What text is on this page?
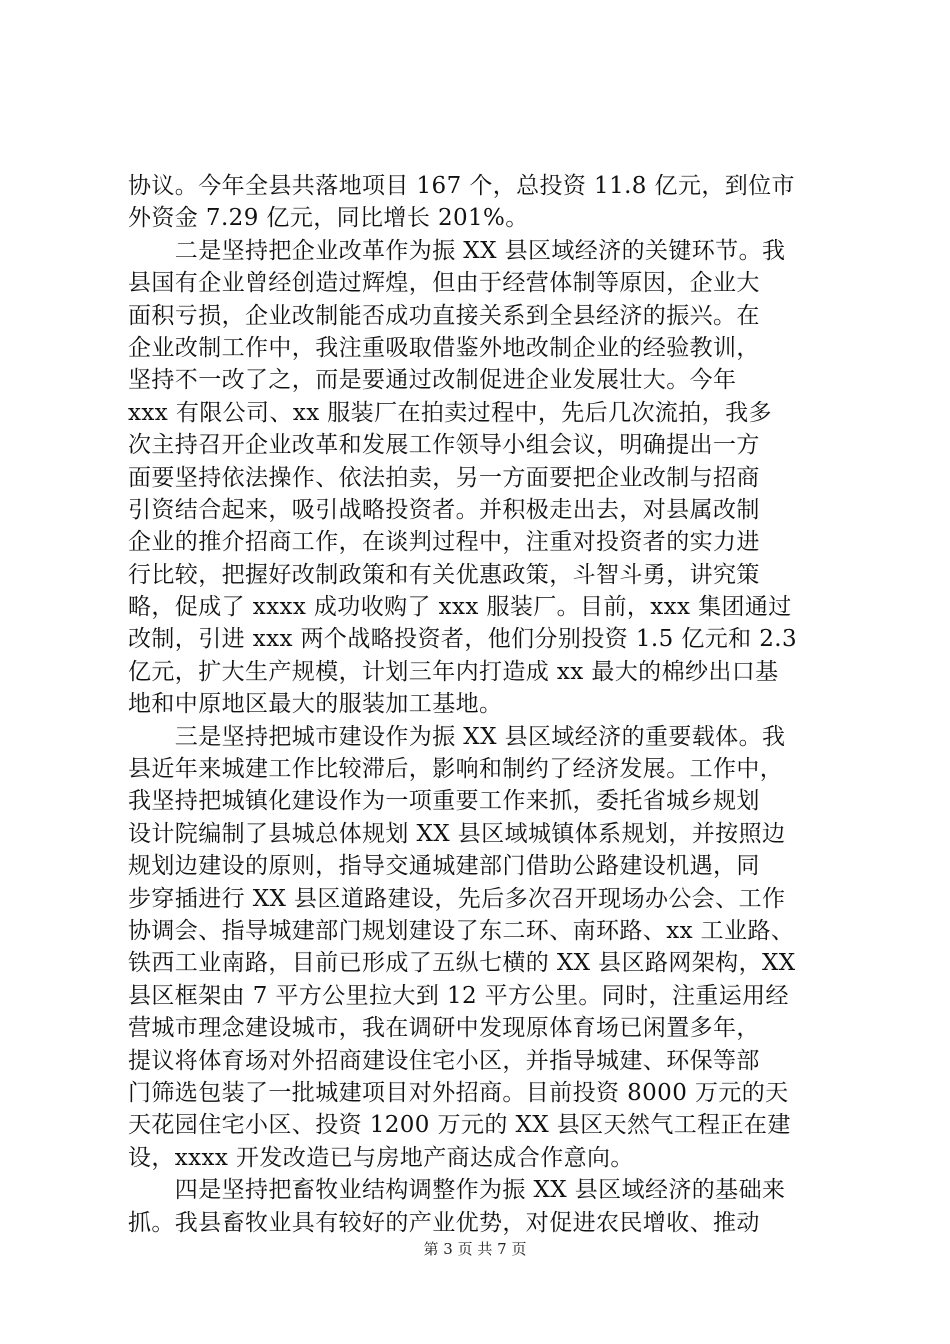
协议。今年全县共落地项目 167 个，总投资 11.8 亿元，到位市
外资金 7.29 亿元，同比增长 201%。
　　二是坚持把企业改革作为振 XX 县区域经济的关键环节。我
县国有企业曾经创造过辉煌，但由于经营体制等原因，企业大
面积亏损，企业改制能否成功直接关系到全县经济的振兴。在
企业改制工作中，我注重吸取借鉴外地改制企业的经验教训，
坚持不一改了之，而是要通过改制促进企业发展壮大。今年
xxx 有限公司、xx 服装厂在拍卖过程中，先后几次流拍，我多
次主持召开企业改革和发展工作领导小组会议，明确提出一方
面要坚持依法操作、依法拍卖，另一方面要把企业改制与招商
引资结合起来，吸引战略投资者。并积极走出去，对县属改制
企业的推介招商工作，在谈判过程中，注重对投资者的实力进
行比较，把握好改制政策和有关优惠政策，斗智斗勇，讲究策
略，促成了 xxxx 成功收购了 xxx 服装厂。目前，xxx 集团通过
改制，引进 xxx 两个战略投资者，他们分别投资 1.5 亿元和 2.3
亿元，扩大生产规模，计划三年内打造成 xx 最大的棉纱出口基
地和中原地区最大的服装加工基地。
　　三是坚持把城市建设作为振 XX 县区域经济的重要载体。我
县近年来城建工作比较滞后，影响和制约了经济发展。工作中，
我坚持把城镇化建设作为一项重要工作来抓，委托省城乡规划
设计院编制了县城总体规划 XX 县区域城镇体系规划，并按照边
规划边建设的原则，指导交通城建部门借助公路建设机遇，同
步穿插进行 XX 县区道路建设，先后多次召开现场办公会、工作
协调会、指导城建部门规划建设了东二环、南环路、xx 工业路、
铁西工业南路，目前已形成了五纵七横的 XX 县区路网架构，XX
县区框架由 7 平方公里拉大到 12 平方公里。同时，注重运用经
营城市理念建设城市，我在调研中发现原体育场已闲置多年，
提议将体育场对外招商建设住宅小区，并指导城建、环保等部
门筛选包装了一批城建项目对外招商。目前投资 8000 万元的天
天花园住宅小区、投资 1200 万元的 XX 县区天然气工程正在建
设，xxxx 开发改造已与房地产商达成合作意向。
　　四是坚持把畜牧业结构调整作为振 XX 县区域经济的基础来
抓。我县畜牧业具有较好的产业优势，对促进农民增收、推动
第 3 页 共 7 页
